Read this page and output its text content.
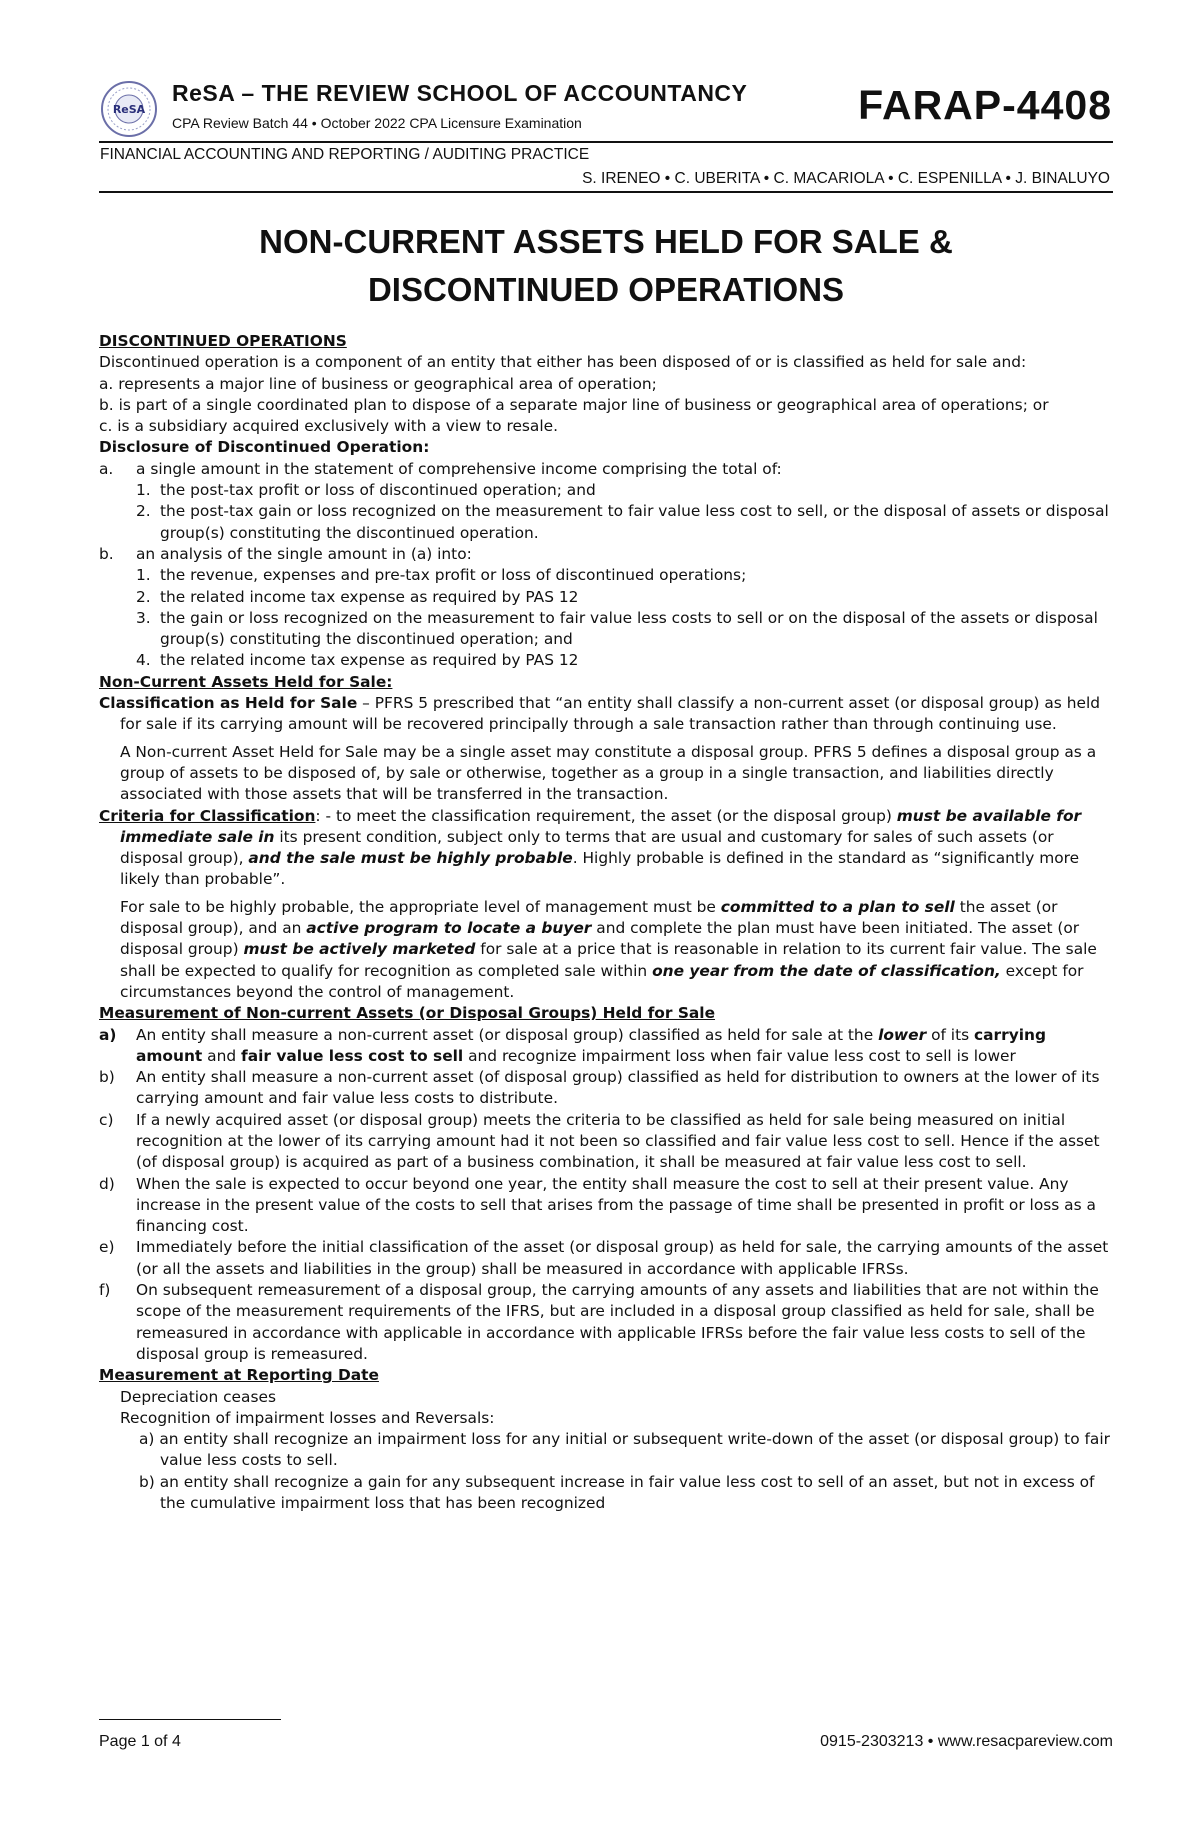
ReSA
ReSA – THE REVIEW SCHOOL OF ACCOUNTANCY
CPA Review Batch 44 • October 2022 CPA Licensure Examination	FARAP-4408
FINANCIAL ACCOUNTING AND REPORTING / AUDITING PRACTICE
S. IRENEO • C. UBERITA • C. MACARIOLA • C. ESPENILLA • J. BINALUYO
NON-CURRENT ASSETS HELD FOR SALE &
DISCONTINUED OPERATIONS

DISCONTINUED OPERATIONS

Discontinued operation is a component of an entity that either has been disposed of or is classified as held for sale and:

a. represents a major line of business or geographical area of operation;

b. is part of a single coordinated plan to dispose of a separate major line of business or geographical area of operations; or

c. is a subsidiary acquired exclusively with a view to resale.

Disclosure of Discontinued Operation:

a. a single amount in the statement of comprehensive income comprising the total of:

1. the post-tax profit or loss of discontinued operation; and

2. the post-tax gain or loss recognized on the measurement to fair value less cost to sell, or the disposal of assets or disposal group(s) constituting the discontinued operation.

b. an analysis of the single amount in (a) into:

1. the revenue, expenses and pre-tax profit or loss of discontinued operations;

2. the related income tax expense as required by PAS 12

3. the gain or loss recognized on the measurement to fair value less costs to sell or on the disposal of the assets or disposal group(s) constituting the discontinued operation; and

4. the related income tax expense as required by PAS 12

Non-Current Assets Held for Sale:

Classification as Held for Sale – PFRS 5 prescribed that “an entity shall classify a non-current asset (or disposal group) as held for sale if its carrying amount will be recovered principally through a sale transaction rather than through continuing use.

A Non-current Asset Held for Sale may be a single asset may constitute a disposal group. PFRS 5 defines a disposal group as a group of assets to be disposed of, by sale or otherwise, together as a group in a single transaction, and liabilities directly associated with those assets that will be transferred in the transaction.

Criteria for Classification: - to meet the classification requirement, the asset (or the disposal group) must be available for immediate sale in its present condition, subject only to terms that are usual and customary for sales of such assets (or disposal group), and the sale must be highly probable. Highly probable is defined in the standard as “significantly more likely than probable”.

For sale to be highly probable, the appropriate level of management must be committed to a plan to sell the asset (or disposal group), and an active program to locate a buyer and complete the plan must have been initiated. The asset (or disposal group) must be actively marketed for sale at a price that is reasonable in relation to its current fair value. The sale shall be expected to qualify for recognition as completed sale within one year from the date of classification, except for circumstances beyond the control of management.

Measurement of Non-current Assets (or Disposal Groups) Held for Sale

a) An entity shall measure a non-current asset (or disposal group) classified as held for sale at the lower of its carrying amount and fair value less cost to sell and recognize impairment loss when fair value less cost to sell is lower

b) An entity shall measure a non-current asset (of disposal group) classified as held for distribution to owners at the lower of its carrying amount and fair value less costs to distribute.

c) If a newly acquired asset (or disposal group) meets the criteria to be classified as held for sale being measured on initial recognition at the lower of its carrying amount had it not been so classified and fair value less cost to sell. Hence if the asset (of disposal group) is acquired as part of a business combination, it shall be measured at fair value less cost to sell.

d) When the sale is expected to occur beyond one year, the entity shall measure the cost to sell at their present value. Any increase in the present value of the costs to sell that arises from the passage of time shall be presented in profit or loss as a financing cost.

e) Immediately before the initial classification of the asset (or disposal group) as held for sale, the carrying amounts of the asset (or all the assets and liabilities in the group) shall be measured in accordance with applicable IFRSs.

f) On subsequent remeasurement of a disposal group, the carrying amounts of any assets and liabilities that are not within the scope of the measurement requirements of the IFRS, but are included in a disposal group classified as held for sale, shall be remeasured in accordance with applicable in accordance with applicable IFRSs before the fair value less costs to sell of the disposal group is remeasured.

Measurement at Reporting Date

Depreciation ceases

Recognition of impairment losses and Reversals:

a) an entity shall recognize an impairment loss for any initial or subsequent write-down of the asset (or disposal group) to fair value less costs to sell.

b) an entity shall recognize a gain for any subsequent increase in fair value less cost to sell of an asset, but not in excess of the cumulative impairment loss that has been recognized

Page 1 of 4	0915-2303213 • www.resacpareview.com
